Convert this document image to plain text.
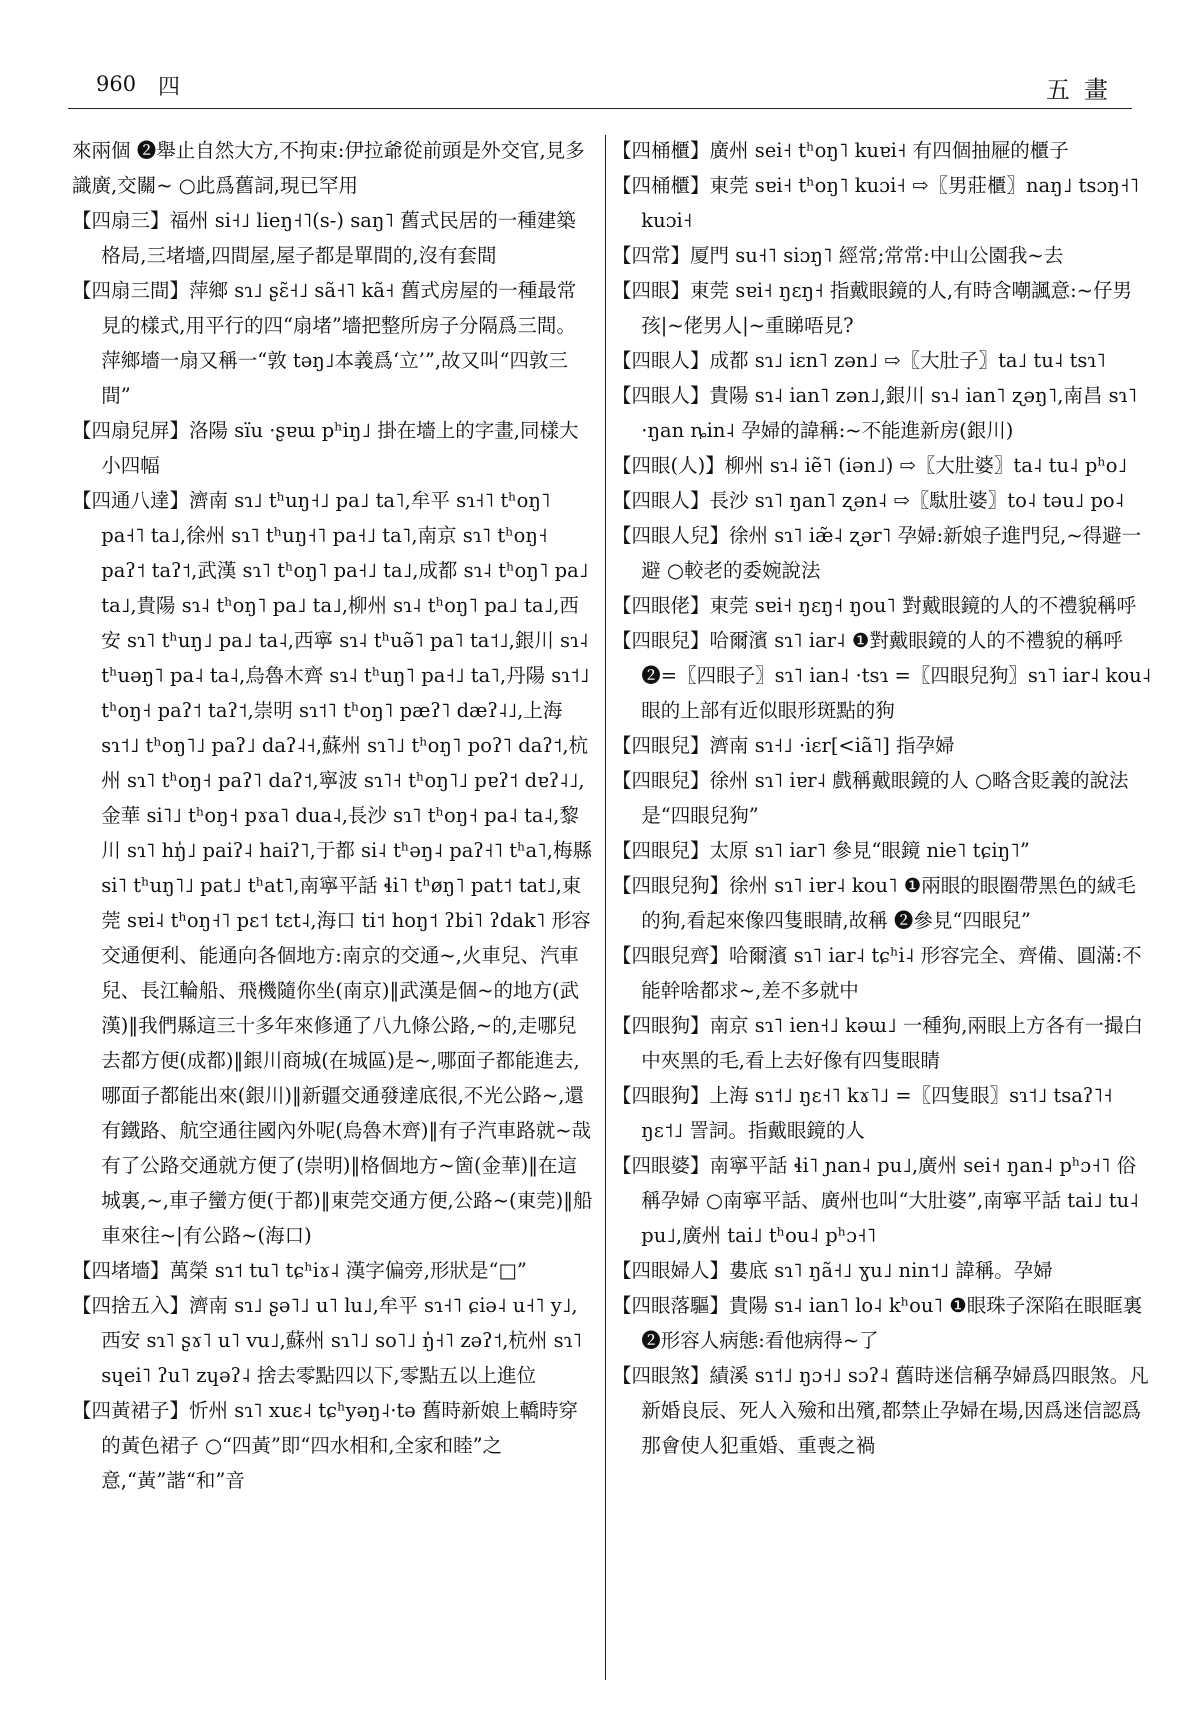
960 四	五畫

來兩個 ❷舉止自然大方,不拘束:伊拉爺從前頭是外交官,見多識廣,交關~ ○此爲舊詞,現已罕用

【四扇三】福州 si˧˩ lieŋ˧˥(s-) saŋ˥ 舊式民居的一種建築格局,三堵墻,四間屋,屋子都是單間的,沒有套間

【四扇三間】萍鄉 sɿ˩ ʂɛ̃˧˩ sã˧˥ kã˧ 舊式房屋的一種最常見的樣式,用平行的四“扇堵”墻把整所房子分隔爲三間。萍鄉墻一扇又稱一“敦 təŋ˩本義爲‘立’”,故又叫“四敦三間”

【四扇兒屏】洛陽 sïu ·ʂɐɯ pʰiŋ˩ 掛在墻上的字畫,同樣大小四幅

【四通八達】濟南 sɿ˩ tʰuŋ˧˩ pa˩ ta˥,牟平 sɿ˧˥ tʰoŋ˥ pa˧˥ ta˩,徐州 sɿ˥ tʰuŋ˧˥ pa˧˩ ta˥,南京 sɿ˥ tʰoŋ˧ paʔ˦ taʔ˦,武漢 sɿ˥ tʰoŋ˥ pa˧˩ ta˩,成都 sɿ˨ tʰoŋ˥ pa˩ ta˩,貴陽 sɿ˨ tʰoŋ˥ pa˩ ta˩,柳州 sɿ˨ tʰoŋ˥ pa˩ ta˩,西安 sɿ˥ tʰuŋ˩ pa˩ ta˨,西寧 sɿ˨ tʰuə̃˥ pa˥ ta˦˩,銀川 sɿ˨ tʰuəŋ˥ pa˨ ta˨,烏魯木齊 sɿ˨ tʰuŋ˥ pa˧˩ ta˥,丹陽 sɿ˦˩ tʰoŋ˧ paʔ˦ taʔ˦,崇明 sɿ˦˥ tʰoŋ˥ pæʔ˥ dæʔ˨˩,上海 sɿ˦˩ tʰoŋ˥˩ paʔ˩ daʔ˨˧,蘇州 sɿ˥˩ tʰoŋ˥ poʔ˥ daʔ˦,杭州 sɿ˥ tʰoŋ˧ paʔ˥ daʔ˦,寧波 sɿ˥˧ tʰoŋ˥˩ pɐʔ˦ dɐʔ˨˩,金華 si˥˩ tʰoŋ˧ pɤa˥ dua˨,長沙 sɿ˥ tʰoŋ˧ pa˨ ta˨,黎川 sɿ˥ hŋ̍˩ paiʔ˨ haiʔ˥,于都 si˨ tʰəŋ˨ paʔ˧˥ tʰa˥,梅縣 si˥ tʰuŋ˥˩ pat˩ tʰat˥,南寧平話 ɬi˥ tʰøŋ˥ pat˦ tat˩,東莞 sɐi˨ tʰoŋ˧˥ pɛ˦ tɛt˨,海口 ti˦ hoŋ˦ ʔbi˥ ʔdak˥ 形容交通便利、能通向各個地方:南京的交通~,火車兒、汽車兒、長江輪船、飛機隨你坐(南京)‖武漢是個~的地方(武漢)‖我們縣這三十多年來修通了八九條公路,~的,走哪兒去都方便(成都)‖銀川商城(在城區)是~,哪面子都能進去,哪面子都能出來(銀川)‖新疆交通發達底很,不光公路~,還有鐵路、航空通往國內外呢(烏魯木齊)‖有子汽車路就~哉有了公路交通就方便了(崇明)‖格個地方~箇(金華)‖在這城裏,~,車子蠻方便(于都)‖東莞交通方便,公路~(東莞)‖船車來往~|有公路~(海口)

【四堵墻】萬榮 sɿ˦ tu˥ tɕʰiɤ˨ 漢字偏旁,形狀是“□”

【四捨五入】濟南 sɿ˩ ʂə˥˩ u˥ lu˩,牟平 sɿ˧˥ ɕiə˨ u˧˥ y˩,西安 sɿ˥ ʂɤ˥ u˥ vu˩,蘇州 sɿ˥˩ so˥˩ ŋ̍˧˥ zəʔ˦,杭州 sɿ˥ sɥei˥ ʔu˥ zɥəʔ˨ 捨去零點四以下,零點五以上進位

【四黃裙子】忻州 sɿ˥ xuɛ˨ tɕʰyəŋ˨·tə 舊時新娘上轎時穿的黃色裙子 ○“四黃”即“四水相和,全家和睦”之意,“黃”諧“和”音

【四桶櫃】廣州 sei˧ tʰoŋ˥ kuɐi˧ 有四個抽屜的櫃子

【四桶櫃】東莞 sɐi˧ tʰoŋ˥ kuɔi˧ ⇨〖男莊櫃〗naŋ˩ tsɔŋ˧˥ kuɔi˧

【四常】厦門 su˧˥ siɔŋ˥ 經常;常常:中山公園我~去

【四眼】東莞 sɐi˧ ŋɛŋ˧ 指戴眼鏡的人,有時含嘲諷意:~仔男孩|~佬男人|~重睇唔見?

【四眼人】成都 sɿ˩ iɛn˥ zən˩ ⇨〖大肚子〗ta˩ tu˨ tsɿ˥

【四眼人】貴陽 sɿ˨ ian˥ zən˩,銀川 sɿ˨ ian˥ ʐəŋ˥,南昌 sɿ˥ ·ŋan ȵin˨ 孕婦的諱稱:~不能進新房(銀川)

【四眼(人)】柳州 sɿ˨ iẽ˥ (iən˩) ⇨〖大肚婆〗ta˨ tu˨ pʰo˩

【四眼人】長沙 sɿ˥ ŋan˥ ʐən˨ ⇨〖駄肚婆〗to˨ təu˩ po˨

【四眼人兒】徐州 sɿ˥ iæ̃˨ ʐər˥ 孕婦:新娘子進門兒,~得避一避 ○較老的委婉說法

【四眼佬】東莞 sɐi˧ ŋɛŋ˧ ŋou˥ 對戴眼鏡的人的不禮貌稱呼

【四眼兒】哈爾濱 sɿ˥ iar˨ ❶對戴眼鏡的人的不禮貌的稱呼 ❷=〖四眼子〗sɿ˥ ian˨ ·tsɿ =〖四眼兒狗〗sɿ˥ iar˨ kou˨ 眼的上部有近似眼形斑點的狗

【四眼兒】濟南 sɿ˧˩ ·iɛr[<iã˥] 指孕婦

【四眼兒】徐州 sɿ˥ iɐr˨ 戲稱戴眼鏡的人 ○略含貶義的說法是“四眼兒狗”

【四眼兒】太原 sɿ˥ iar˥ 參見“眼鏡 nie˥ tɕiŋ˥”

【四眼兒狗】徐州 sɿ˥ iɐr˨ kou˥ ❶兩眼的眼圈帶黑色的絨毛的狗,看起來像四隻眼睛,故稱 ❷參見“四眼兒”

【四眼兒齊】哈爾濱 sɿ˥ iar˨ tɕʰi˨ 形容完全、齊備、圓滿:不能幹啥都求~,差不多就中

【四眼狗】南京 sɿ˥ ien˧˩ kəɯ˩ 一種狗,兩眼上方各有一撮白中夾黑的毛,看上去好像有四隻眼睛

【四眼狗】上海 sɿ˦˩ ŋɛ˧˥ kɤ˥˩ =〖四隻眼〗sɿ˦˩ tsaʔ˥˧ ŋɛ˦˩ 詈詞。指戴眼鏡的人

【四眼婆】南寧平話 ɬi˥ ɲan˨ pu˩,廣州 sei˧ ŋan˨ pʰɔ˧˥ 俗稱孕婦 ○南寧平話、廣州也叫“大肚婆”,南寧平話 tai˩ tu˨ pu˩,廣州 tai˩ tʰou˨ pʰɔ˧˥

【四眼婦人】婁底 sɿ˥ ŋã˧˩ ɣu˩ nin˦˩ 諱稱。孕婦

【四眼落驅】貴陽 sɿ˨ ian˥ lo˨ kʰou˥ ❶眼珠子深陷在眼眶裏 ❷形容人病態:看他病得~了

【四眼煞】績溪 sɿ˦˩ ŋɔ˧˩ sɔʔ˨ 舊時迷信稱孕婦爲四眼煞。凡新婚良辰、死人入殮和出殯,都禁止孕婦在場,因爲迷信認爲那會使人犯重婚、重喪之禍
